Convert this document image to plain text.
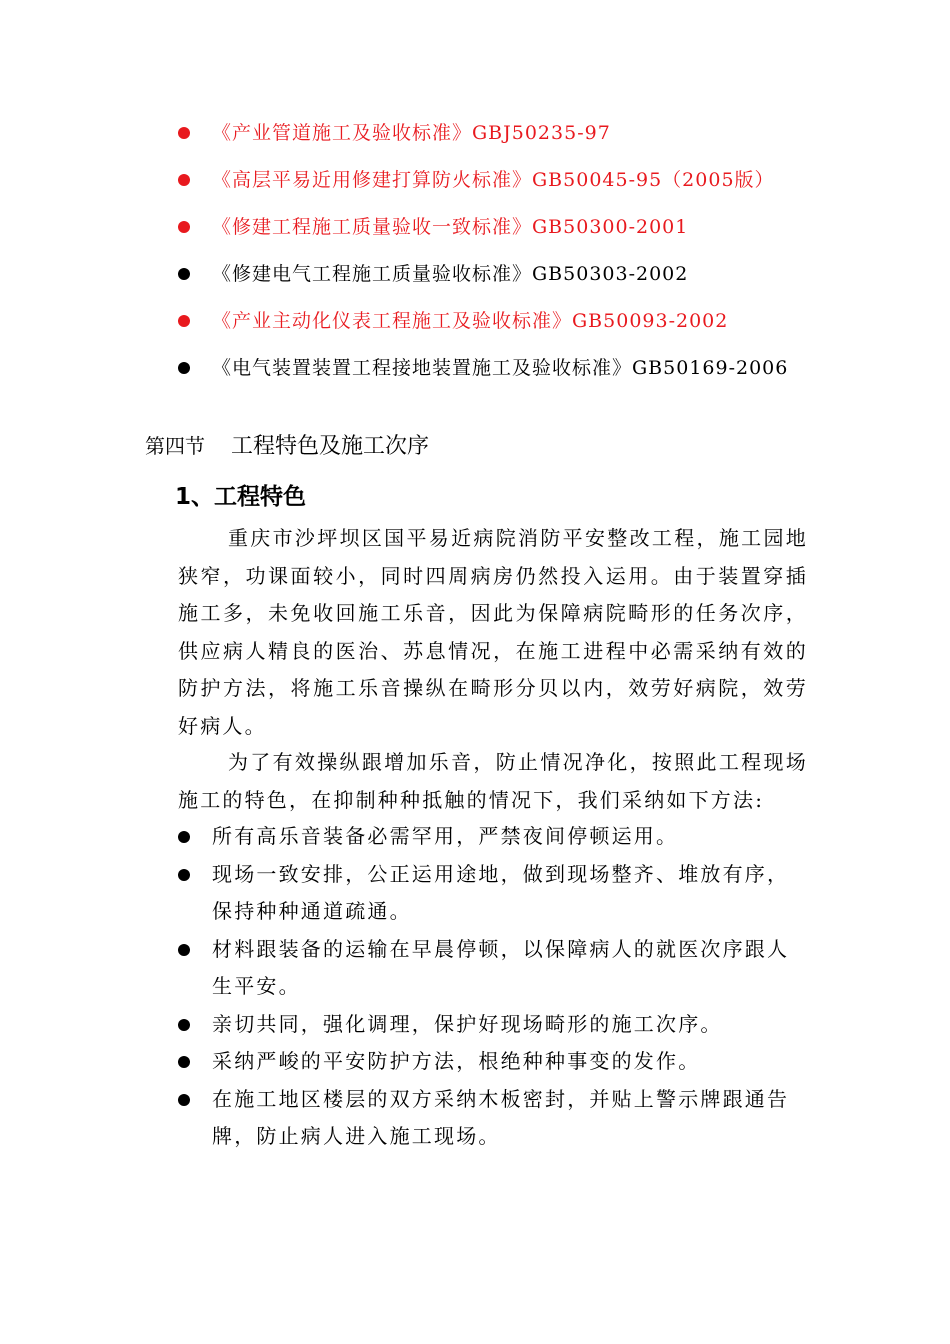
《产业管道施工及验收标准》GBJ50235-97
《高层平易近用修建打算防火标准》GB50045-95（2005版）
《修建工程施工质量验收一致标准》GB50300-2001
《修建电气工程施工质量验收标准》GB50303-2002
《产业主动化仪表工程施工及验收标准》GB50093-2002
《电气装置装置工程接地装置施工及验收标准》GB50169-2006
第四节 工程特色及施工次序
1、工程特色

重庆市沙坪坝区国平易近病院消防平安整改工程，施工园地狭窄，功课面较小，同时四周病房仍然投入运用。由于装置穿插施工多，未免收回施工乐音，因此为保障病院畸形的任务次序，供应病人精良的医治、苏息情况，在施工进程中必需采纳有效的防护方法，将施工乐音操纵在畸形分贝以内，效劳好病院，效劳好病人。

为了有效操纵跟增加乐音，防止情况净化，按照此工程现场施工的特色，在抑制种种抵触的情况下，我们采纳如下方法:

所有高乐音装备必需罕用，严禁夜间停顿运用。
现场一致安排，公正运用途地，做到现场整齐、堆放有序，保持种种通道疏通。
材料跟装备的运输在早晨停顿，以保障病人的就医次序跟人生平安。
亲切共同，强化调理，保护好现场畸形的施工次序。
采纳严峻的平安防护方法，根绝种种事变的发作。
在施工地区楼层的双方采纳木板密封，并贴上警示牌跟通告牌，防止病人进入施工现场。
